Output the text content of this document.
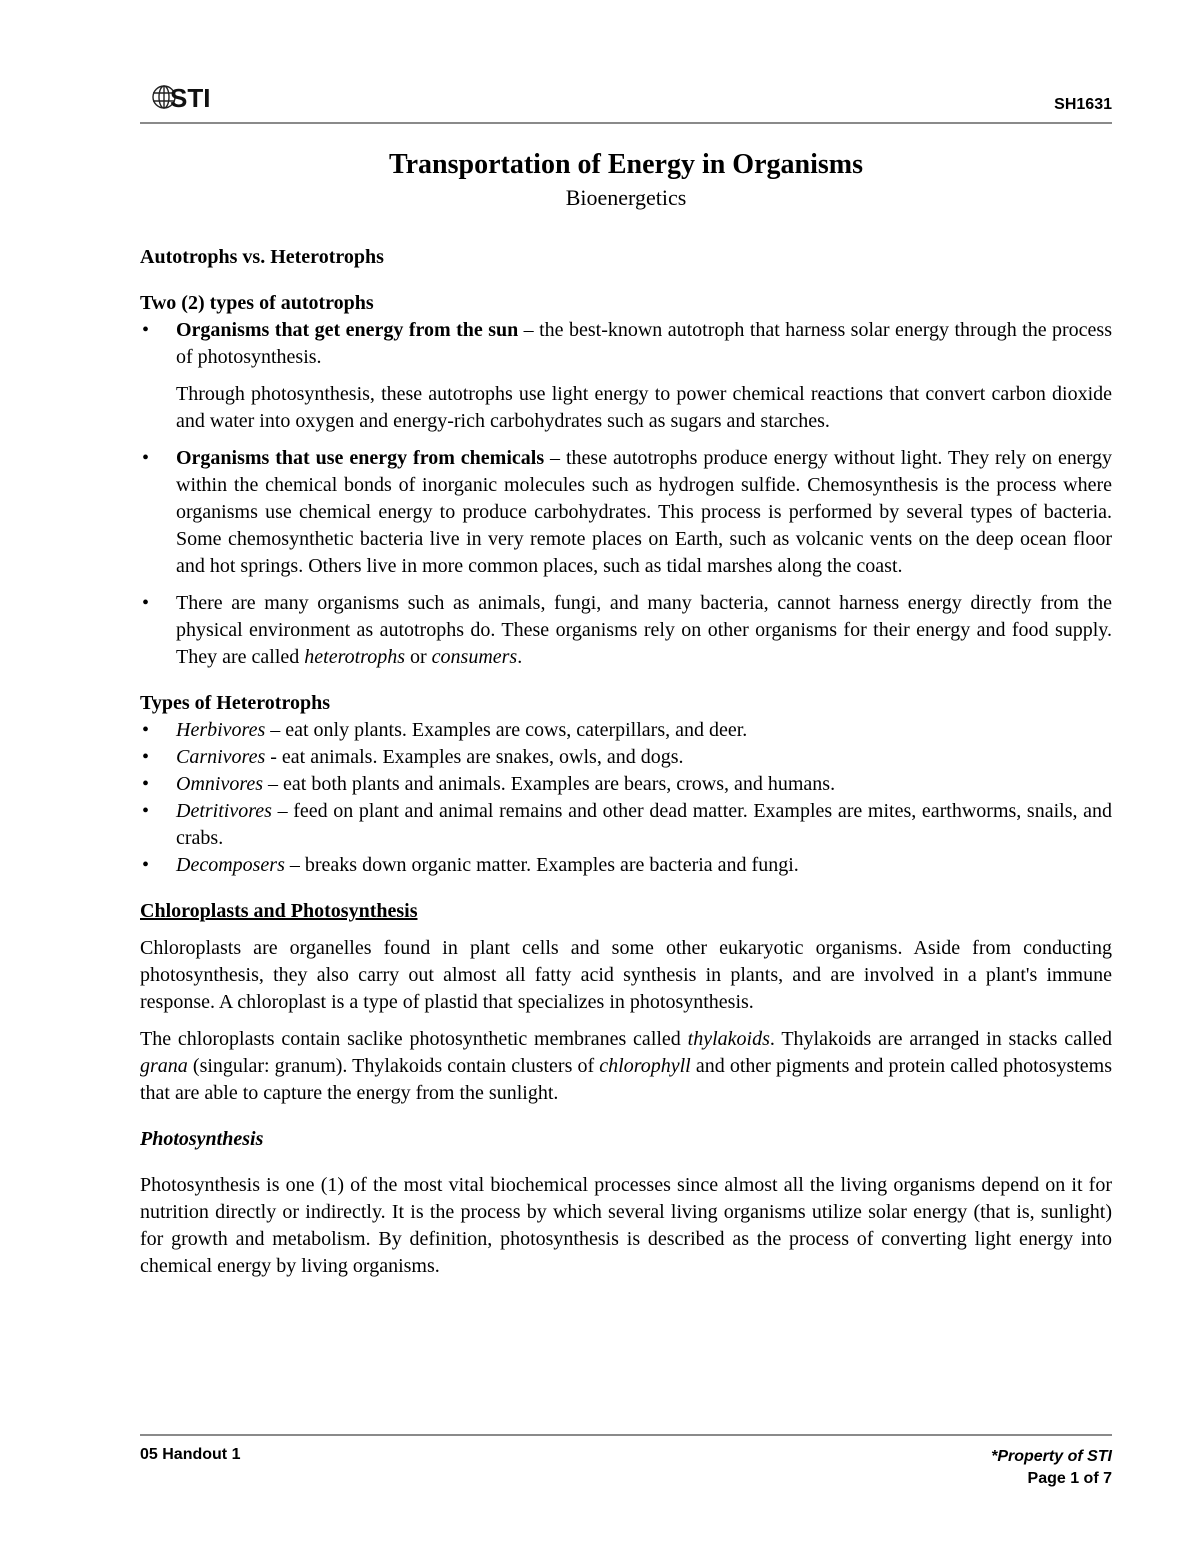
STI	SH1631
Transportation of Energy in Organisms
Bioenergetics

Autotrophs vs. Heterotrophs

Two (2) types of autotrophs

• Organisms that get energy from the sun – the best-known autotroph that harness solar energy through the process of photosynthesis.

Through photosynthesis, these autotrophs use light energy to power chemical reactions that convert carbon dioxide and water into oxygen and energy-rich carbohydrates such as sugars and starches.

• Organisms that use energy from chemicals – these autotrophs produce energy without light. They rely on energy within the chemical bonds of inorganic molecules such as hydrogen sulfide. Chemosynthesis is the process where organisms use chemical energy to produce carbohydrates. This process is performed by several types of bacteria. Some chemosynthetic bacteria live in very remote places on Earth, such as volcanic vents on the deep ocean floor and hot springs. Others live in more common places, such as tidal marshes along the coast.
• There are many organisms such as animals, fungi, and many bacteria, cannot harness energy directly from the physical environment as autotrophs do. These organisms rely on other organisms for their energy and food supply. They are called heterotrophs or consumers.

Types of Heterotrophs

• Herbivores – eat only plants. Examples are cows, caterpillars, and deer.
• Carnivores - eat animals. Examples are snakes, owls, and dogs.
• Omnivores – eat both plants and animals. Examples are bears, crows, and humans.
• Detritivores – feed on plant and animal remains and other dead matter. Examples are mites, earthworms, snails, and crabs.
• Decomposers – breaks down organic matter. Examples are bacteria and fungi.

Chloroplasts and Photosynthesis

Chloroplasts are organelles found in plant cells and some other eukaryotic organisms. Aside from conducting photosynthesis, they also carry out almost all fatty acid synthesis in plants, and are involved in a plant's immune response. A chloroplast is a type of plastid that specializes in photosynthesis.

The chloroplasts contain saclike photosynthetic membranes called thylakoids. Thylakoids are arranged in stacks called grana (singular: granum). Thylakoids contain clusters of chlorophyll and other pigments and protein called photosystems that are able to capture the energy from the sunlight.

Photosynthesis

Photosynthesis is one (1) of the most vital biochemical processes since almost all the living organisms depend on it for nutrition directly or indirectly. It is the process by which several living organisms utilize solar energy (that is, sunlight) for growth and metabolism. By definition, photosynthesis is described as the process of converting light energy into chemical energy by living organisms.

05 Handout 1	*Property of STI
Page 1 of 7
